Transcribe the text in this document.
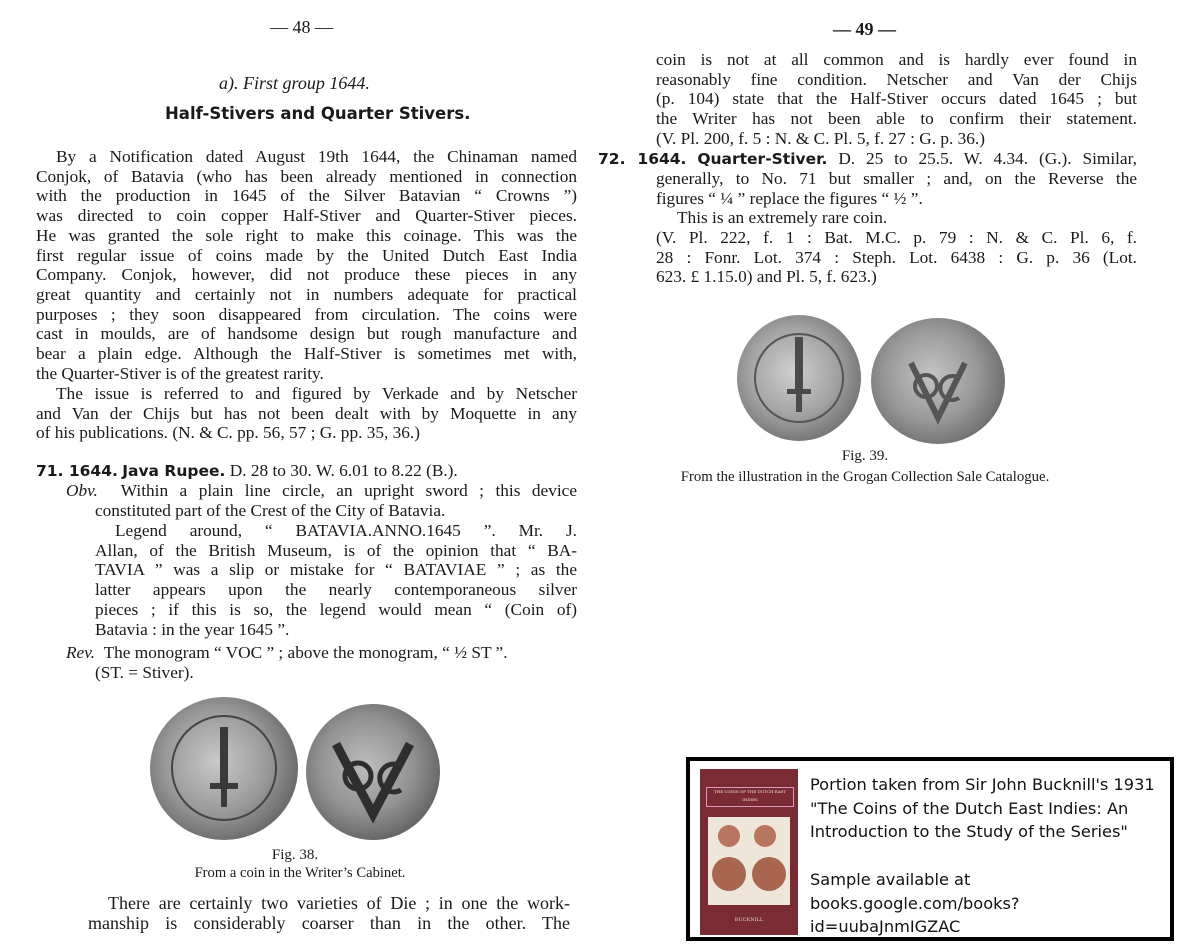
— 48 —
a). First group 1644.
Half-Stivers and Quarter Stivers.
By a Notification dated August 19th 1644, the Chinaman named
Conjok, of Batavia (who has been already mentioned in connection
with the production in 1645 of the Silver Batavian “ Crowns ”)
was directed to coin copper Half-Stiver and Quarter-Stiver pieces.
He was granted the sole right to make this coinage. This was the
first regular issue of coins made by the United Dutch East India
Company. Conjok, however, did not produce these pieces in any
great quantity and certainly not in numbers adequate for practical
purposes ; they soon disappeared from circulation. The coins were
cast in moulds, are of handsome design but rough manufacture and
bear a plain edge. Although the Half-Stiver is sometimes met with,
the Quarter-Stiver is of the greatest rarity.
The issue is referred to and figured by Verkade and by Netscher
and Van der Chijs but has not been dealt with by Moquette in any
of his publications. (N. & C. pp. 56, 57 ; G. pp. 35, 36.)
71. 1644. Java Rupee. D. 28 to 30. W. 6.01 to 8.22 (B.).
Obv. Within a plain line circle, an upright sword ; this device
constituted part of the Crest of the City of Batavia.
Legend around, “ BATAVIA.ANNO.1645 ”. Mr. J.
Allan, of the British Museum, is of the opinion that “ BA-
TAVIA ” was a slip or mistake for “ BATAVIAE ” ; as the
latter appears upon the nearly contemporaneous silver
pieces ; if this is so, the legend would mean “ (Coin of)
Batavia : in the year 1645 ”.
Rev. The monogram “ VOC ” ; above the monogram, “ ½ ST ”.
(ST. = Stiver).
Fig. 38.
From a coin in the Writer’s Cabinet.
There are certainly two varieties of Die ; in one the work-
manship is considerably coarser than in the other. The
— 49 —
coin is not at all common and is hardly ever found in
reasonably fine condition. Netscher and Van der Chijs
(p. 104) state that the Half-Stiver occurs dated 1645 ; but
the Writer has not been able to confirm their statement.
(V. Pl. 200, f. 5 : N. & C. Pl. 5, f. 27 : G. p. 36.)
72. 1644. Quarter-Stiver. D. 25 to 25.5. W. 4.34. (G.). Similar,
generally, to No. 71 but smaller ; and, on the Reverse the
figures “ ¼ ” replace the figures “ ½ ”.
This is an extremely rare coin.
(V. Pl. 222, f. 1 : Bat. M.C. p. 79 : N. & C. Pl. 6, f.
28 : Fonr. Lot. 374 : Steph. Lot. 6438 : G. p. 36 (Lot.
623. £ 1.15.0) and Pl. 5, f. 623.)
Fig. 39.
From the illustration in the Grogan Collection Sale Catalogue.
THE COINS OF THE DUTCH EAST INDIES
BUCKNILL
Portion taken from Sir John Bucknill's 1931
"The Coins of the Dutch East Indies: An
Introduction to the Study of the Series"
Sample available at
books.google.com/books?
id=uubaJnmIGZAC
